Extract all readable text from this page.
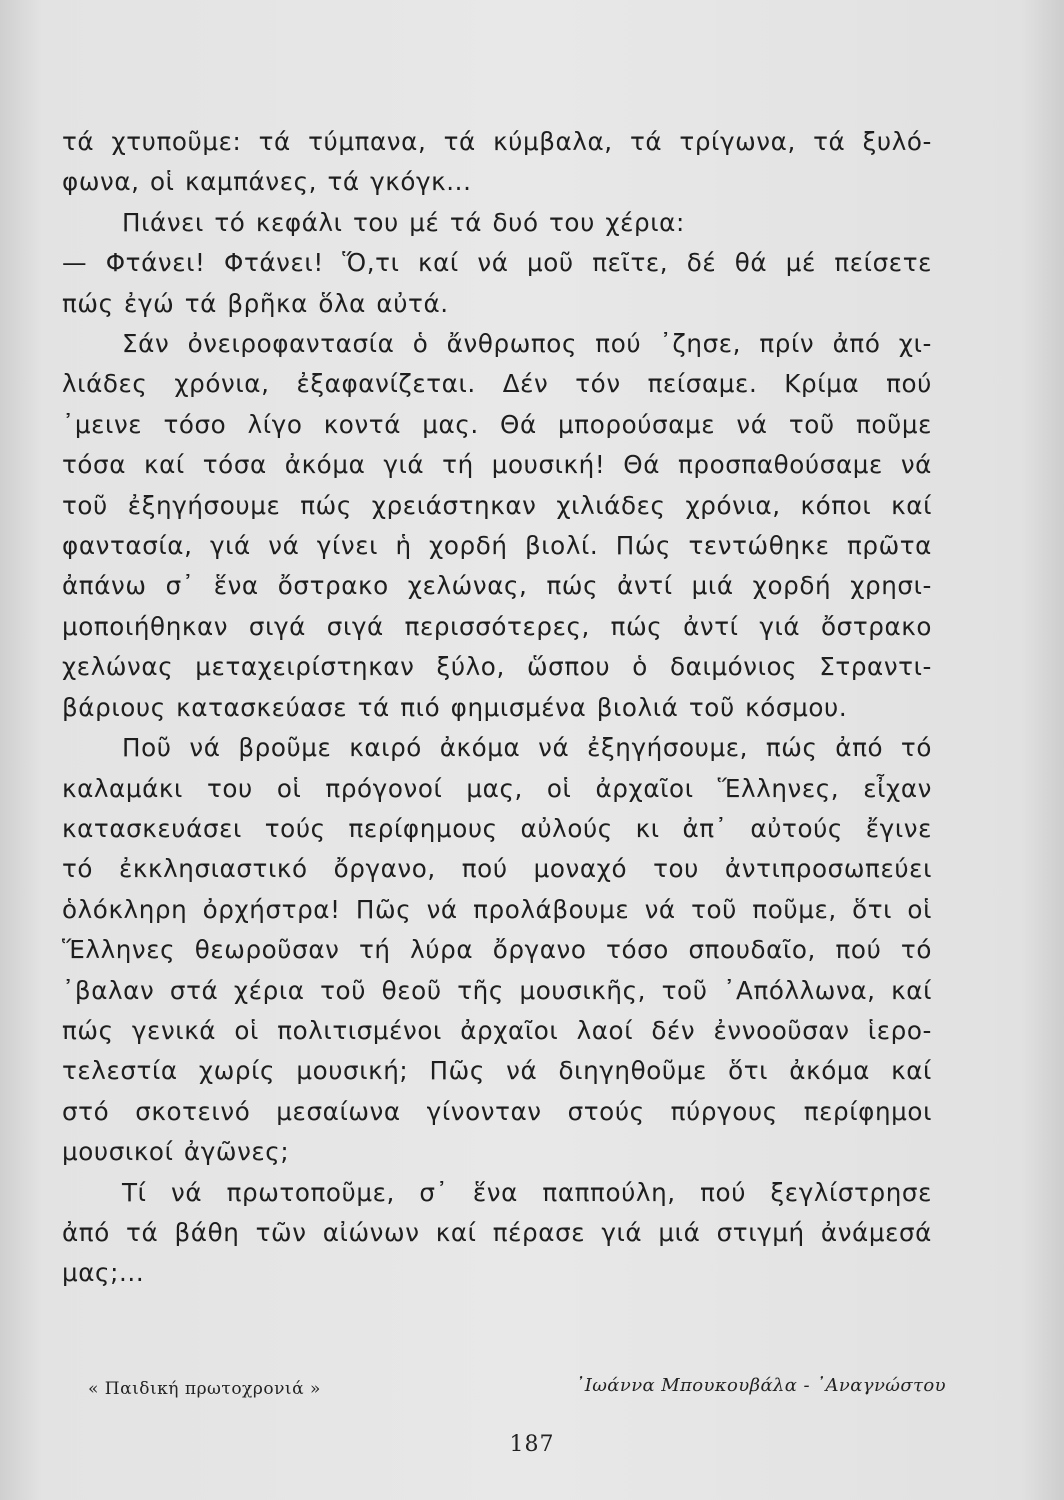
τά χτυποῦμε: τά τύμπανα, τά κύμβαλα, τά τρίγωνα, τά ξυλό-
φωνα, οἱ καμπάνες, τά γκόγκ...
Πιάνει τό κεφάλι του μέ τά δυό του χέρια:
— Φτάνει! Φτάνει! Ὅ,τι καί νά μοῦ πεῖτε, δέ θά μέ πείσετε
πώς ἐγώ τά βρῆκα ὅλα αὐτά.
Σάν ὀνειροφαντασία ὁ ἄνθρωπος πού ᾽ζησε, πρίν ἀπό χι-
λιάδες χρόνια, ἐξαφανίζεται. Δέν τόν πείσαμε. Κρίμα πού
᾽μεινε τόσο λίγο κοντά μας. Θά μπορούσαμε νά τοῦ ποῦμε
τόσα καί τόσα ἀκόμα γιά τή μουσική! Θά προσπαθούσαμε νά
τοῦ ἐξηγήσουμε πώς χρειάστηκαν χιλιάδες χρόνια, κόποι καί
φαντασία, γιά νά γίνει ἡ χορδή βιολί. Πώς τεντώθηκε πρῶτα
ἀπάνω σ᾽ ἕνα ὄστρακο χελώνας, πώς ἀντί μιά χορδή χρησι-
μοποιήθηκαν σιγά σιγά περισσότερες, πώς ἀντί γιά ὄστρακο
χελώνας μεταχειρίστηκαν ξύλο, ὥσπου ὁ δαιμόνιος Στραντι-
βάριους κατασκεύασε τά πιό φημισμένα βιολιά τοῦ κόσμου.
Ποῦ νά βροῦμε καιρό ἀκόμα νά ἐξηγήσουμε, πώς ἀπό τό
καλαμάκι του οἱ πρόγονοί μας, οἱ ἀρχαῖοι Ἕλληνες, εἶχαν
κατασκευάσει τούς περίφημους αὐλούς κι ἀπ᾽ αὐτούς ἔγινε
τό ἐκκλησιαστικό ὄργανο, πού μοναχό του ἀντιπροσωπεύει
ὁλόκληρη ὀρχήστρα! Πῶς νά προλάβουμε νά τοῦ ποῦμε, ὅτι οἱ
Ἕλληνες θεωροῦσαν τή λύρα ὄργανο τόσο σπουδαῖο, πού τό
᾽βαλαν στά χέρια τοῦ θεοῦ τῆς μουσικῆς, τοῦ ᾽Απόλλωνα, καί
πώς γενικά οἱ πολιτισμένοι ἀρχαῖοι λαοί δέν ἐννοοῦσαν ἱερο-
τελεστία χωρίς μουσική; Πῶς νά διηγηθοῦμε ὅτι ἀκόμα καί
στό σκοτεινό μεσαίωνα γίνονταν στούς πύργους περίφημοι
μουσικοί ἀγῶνες;
Τί νά πρωτοποῦμε, σ᾽ ἕνα παππούλη, πού ξεγλίστρησε
ἀπό τά βάθη τῶν αἰώνων καί πέρασε γιά μιά στιγμή ἀνάμεσά
μας;...
« Παιδική πρωτοχρονιά »	᾽Ιωάννα Μπουκουβάλα - ᾽Αναγνώστου
187
